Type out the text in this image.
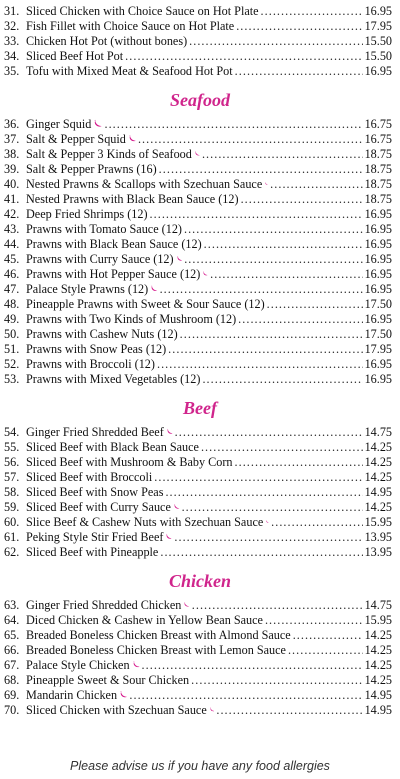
31. Sliced Chicken with Choice Sauce on Hot Plate . . .	16.95
32. Fish Fillet with Choice Sauce on Hot Plate . . .	17.95
33. Chicken Hot Pot (without bones) . . .	15.50
34. Sliced Beef Hot Pot . . .	15.50
35. Tofu with Mixed Meat & Seafood Hot Pot . . .	16.95
Seafood
36. Ginger Squid . . .	16.75
37. Salt & Pepper Squid . . .	16.75
38. Salt & Pepper 3 Kinds of Seafood . . .	18.75
39. Salt & Pepper Prawns (16) . . .	18.75
40. Nested Prawns & Scallops with Szechuan Sauce . . .	18.75
41. Nested Prawns with Black Bean Sauce (12) . . .	18.75
42. Deep Fried Shrimps (12) . . .	16.95
43. Prawns with Tomato Sauce (12) . . .	16.95
44. Prawns with Black Bean Sauce (12) . . .	16.95
45. Prawns with Curry Sauce (12) . . .	16.95
46. Prawns with Hot Pepper Sauce (12) . . .	16.95
47. Palace Style Prawns (12) . . .	16.95
48. Pineapple Prawns with Sweet & Sour Sauce (12) . . .	17.50
49. Prawns with Two Kinds of Mushroom (12) . . .	16.95
50. Prawns with Cashew Nuts (12) . . .	17.50
51. Prawns with Snow Peas (12) . . .	17.95
52. Prawns with Broccoli (12) . . .	16.95
53. Prawns with Mixed Vegetables (12) . . .	16.95
Beef
54. Ginger Fried Shredded Beef . . .	14.75
55. Sliced Beef with Black Bean Sauce . . .	14.25
56. Sliced Beef with Mushroom & Baby Corn . . .	14.25
57. Sliced Beef with Broccoli . . .	14.25
58. Sliced Beef with Snow Peas . . .	14.95
59. Sliced Beef with Curry Sauce . . .	14.25
60. Slice Beef & Cashew Nuts with Szechuan Sauce . . .	15.95
61. Peking Style Stir Fried Beef . . .	13.95
62. Sliced Beef with Pineapple . . .	13.95
Chicken
63. Ginger Fried Shredded Chicken . . .	14.75
64. Diced Chicken & Cashew in Yellow Bean Sauce . . .	15.95
65. Breaded Boneless Chicken Breast with Almond Sauce . . .	14.25
66. Breaded Boneless Chicken Breast with Lemon Sauce . . .	14.25
67. Palace Style Chicken . . .	14.25
68. Pineapple Sweet & Sour Chicken . . .	14.25
69. Mandarin Chicken . . .	14.95
70. Sliced Chicken with Szechuan Sauce . . .	14.95
Please advise us if you have any food allergies
